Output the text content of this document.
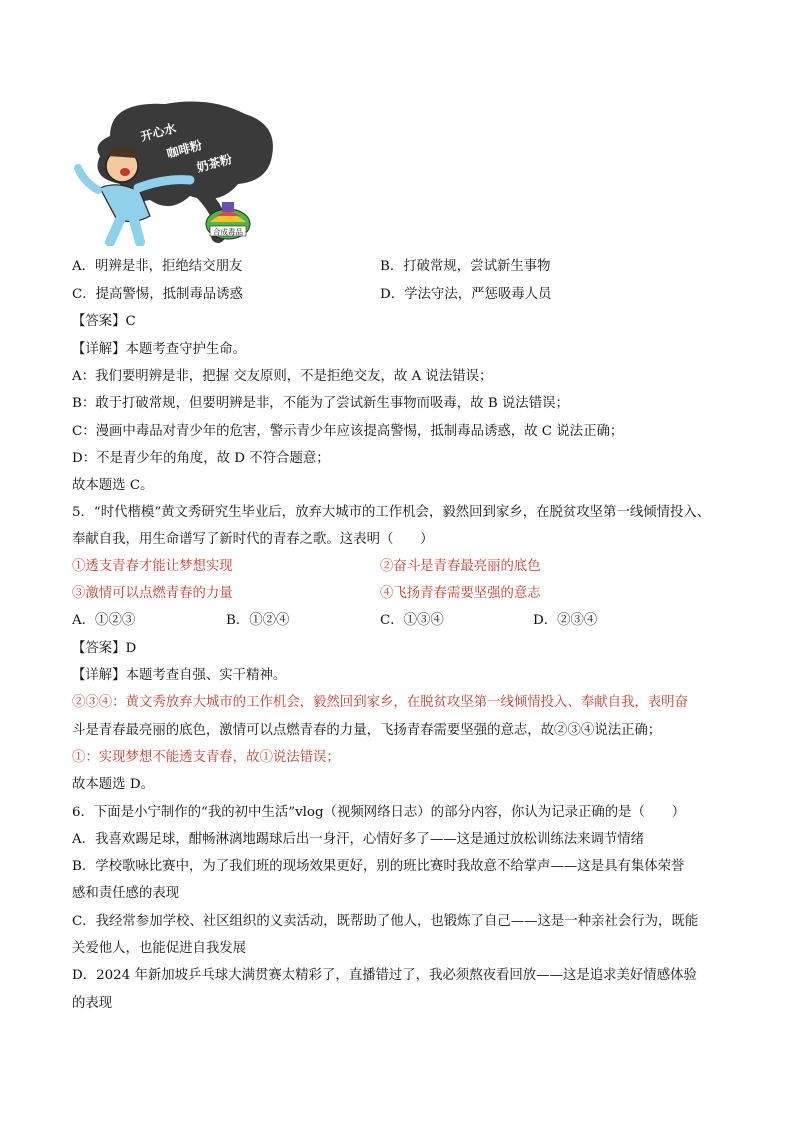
开心水
咖啡粉
奶茶粉
合成毒品
A．明辨是非，拒绝结交朋友	B．打破常规，尝试新生事物
C．提高警惕，抵制毒品诱惑	D．学法守法，严惩吸毒人员
【答案】C
【详解】本题考查守护生命。
A：我们要明辨是非，把握 交友原则，不是拒绝交友，故 A 说法错误；
B：敢于打破常规，但要明辨是非，不能为了尝试新生事物而吸毒，故 B 说法错误；
C：漫画中毒品对青少年的危害，警示青少年应该提高警惕，抵制毒品诱惑，故 C 说法正确；
D：不是青少年的角度，故 D 不符合题意；
故本题选 C。
5．“时代楷模”黄文秀研究生毕业后，放弃大城市的工作机会，毅然回到家乡，在脱贫攻坚第一线倾情投入、
奉献自我，用生命谱写了新时代的青春之歌。这表明（　　）
①透支青春才能让梦想实现	②奋斗是青春最亮丽的底色
③激情可以点燃青春的力量	④飞扬青春需要坚强的意志
A．①②③	B．①②④	C．①③④	D．②③④
【答案】D
【详解】本题考查自强、实干精神。
②③④：黄文秀放弃大城市的工作机会，毅然回到家乡，在脱贫攻坚第一线倾情投入、奉献自我，表明奋
斗是青春最亮丽的底色，激情可以点燃青春的力量，飞扬青春需要坚强的意志，故②③④说法正确；
①：实现梦想不能透支青春，故①说法错误；
故本题选 D。
6．下面是小宁制作的“我的初中生活”vlog（视频网络日志）的部分内容，你认为记录正确的是（　　）
A．我喜欢踢足球，酣畅淋漓地踢球后出一身汗，心情好多了——这是通过放松训练法来调节情绪
B．学校歌咏比赛中，为了我们班的现场效果更好，别的班比赛时我故意不给掌声——这是具有集体荣誉
感和责任感的表现
C．我经常参加学校、社区组织的义卖活动，既帮助了他人，也锻炼了自己——这是一种亲社会行为，既能
关爱他人，也能促进自我发展
D．2024 年新加坡乒乓球大满贯赛太精彩了，直播错过了，我必须熬夜看回放——这是追求美好情感体验
的表现
